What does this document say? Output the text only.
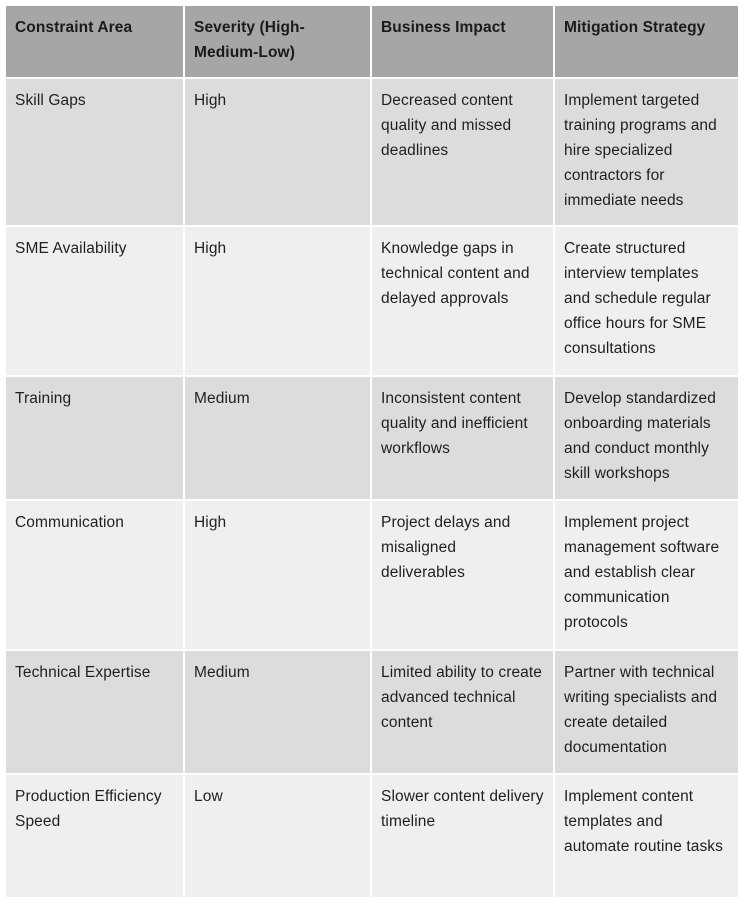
Constraint Area	Severity (High-Medium-Low)	Business Impact	Mitigation Strategy
Skill Gaps	High	Decreased content quality and missed deadlines	Implement targeted training programs and hire specialized contractors for immediate needs
SME Availability	High	Knowledge gaps in technical content and delayed approvals	Create structured interview templates and schedule regular office hours for SME consultations
Training	Medium	Inconsistent content quality and inefficient workflows	Develop standardized onboarding materials and conduct monthly skill workshops
Communication	High	Project delays and misaligned deliverables	Implement project management software and establish clear communication protocols
Technical Expertise	Medium	Limited ability to create advanced technical content	Partner with technical writing specialists and create detailed documentation
Production Efficiency Speed	Low	Slower content delivery timeline	Implement content templates and automate routine tasks
